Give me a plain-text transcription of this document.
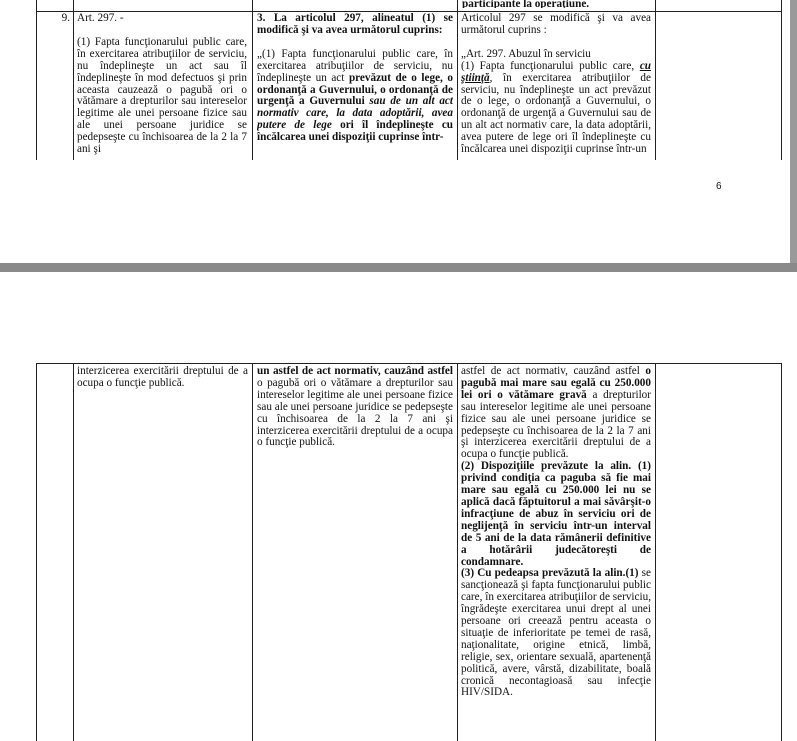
participante la operaţiune.
9. Art. 297. -

(1) Fapta funcţionarului public care, în exercitarea atribuţiilor de serviciu, nu îndeplineşte un act sau îl îndeplineşte în mod defectuos şi prin aceasta cauzează o pagubă ori o vătămare a drepturilor sau intereselor legitime ale unei persoane fizice sau ale unei persoane juridice se pedepseşte cu închisoarea de la 2 la 7 ani şi

3. La articolul 297, alineatul (1) se modifică şi va avea următorul cuprins:

„(1) Fapta funcţionarului public care, în exercitarea atribuţiilor de serviciu, nu îndeplineşte un act prevăzut de o lege, o ordonanţă a Guvernului, o ordonanţă de urgenţă a Guvernului sau de un alt act normativ care, la data adoptării, avea putere de lege ori îl îndeplineşte cu încălcarea unei dispoziţii cuprinse într-

Articolul 297 se modifică şi va avea următorul cuprins :

„Art. 297. Abuzul în serviciu

(1) Fapta funcţionarului public care, cu ştiinţă, în exercitarea atribuţiilor de serviciu, nu îndeplineşte un act prevăzut de o lege, o ordonanţă a Guvernului, o ordonanţă de urgenţă a Guvernului sau de un alt act normativ care, la data adoptării, avea putere de lege ori îl îndeplineşte cu încălcarea unei dispoziţii cuprinse într-un

6

interzicerea exercitării dreptului de a ocupa o funcţie publică.

un astfel de act normativ, cauzând astfel o pagubă ori o vătămare a drepturilor sau intereselor legitime ale unei persoane fizice sau ale unei persoane juridice se pedepseşte cu închisoarea de la 2 la 7 ani şi interzicerea exercitării dreptului de a ocupa o funcţie publică.

astfel de act normativ, cauzând astfel o pagubă mai mare sau egală cu 250.000 lei ori o vătămare gravă a drepturilor sau intereselor legitime ale unei persoane fizice sau ale unei persoane juridice se pedepseşte cu închisoarea de la 2 la 7 ani şi interzicerea exercitării dreptului de a ocupa o funcţie publică.

(2) Dispoziţiile prevăzute la alin. (1) privind condiţia ca paguba să fie mai mare sau egală cu 250.000 lei nu se aplică dacă făptuitorul a mai săvârşit-o infracţiune de abuz în serviciu ori de neglijenţă în serviciu într-un interval de 5 ani de la data rămânerii definitive a hotărârii judecătoreşti de condamnare.

(3) Cu pedeapsa prevăzută la alin.(1) se sancţionează şi fapta funcţionarului public care, în exercitarea atribuţiilor de serviciu, îngrădeşte exercitarea unui drept al unei persoane ori creează pentru aceasta o situaţie de inferioritate pe temei de rasă, naţionalitate, origine etnică, limbă, religie, sex, orientare sexuală, apartenenţă politică, avere, vârstă, dizabilitate, boală cronică necontagioasă sau infecţie HIV/SIDA.
